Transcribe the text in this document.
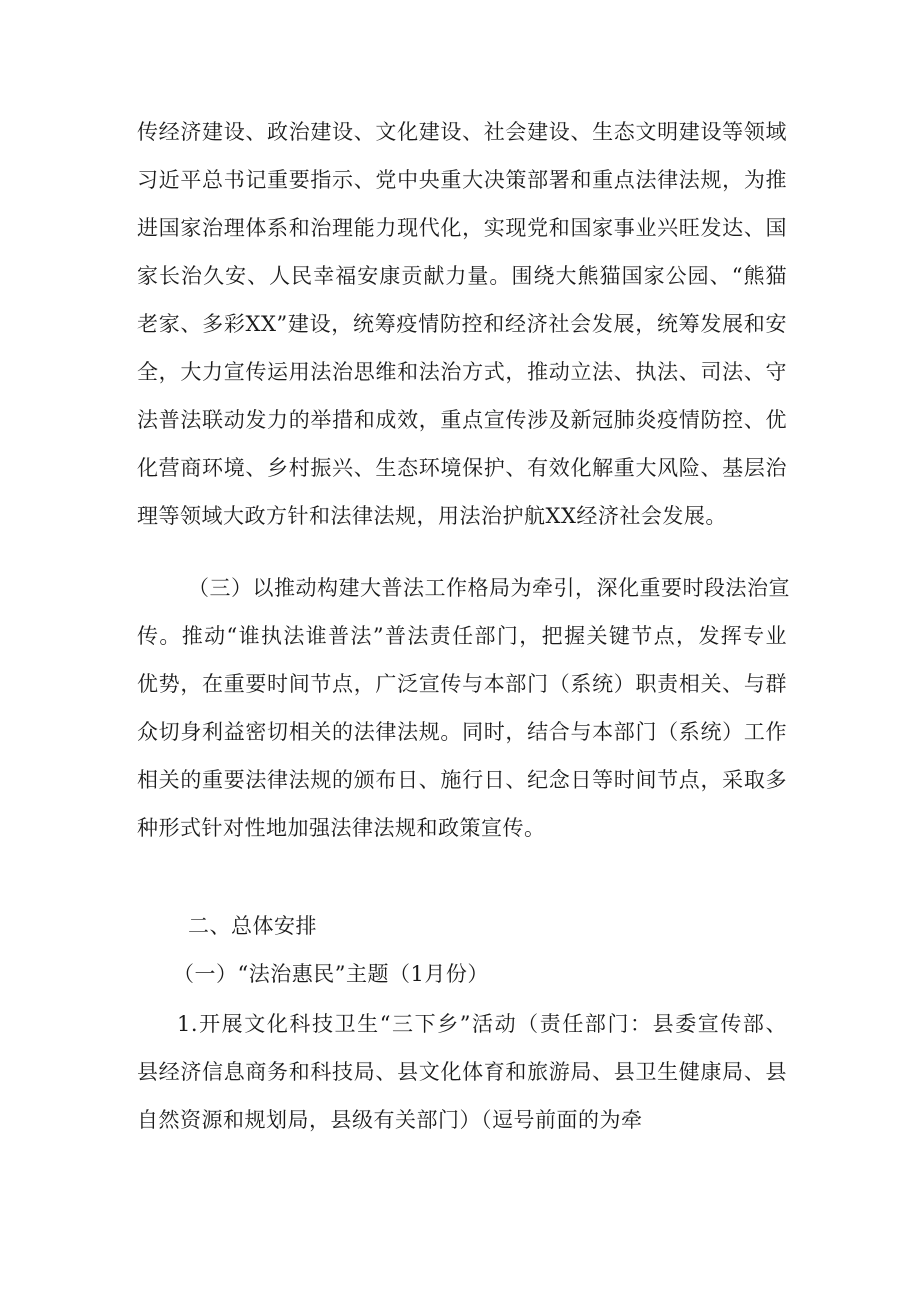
传经济建设、政治建设、文化建设、社会建设、生态文明建设等领域
习近平总书记重要指示、党中央重大决策部署和重点法律法规，为推
进国家治理体系和治理能力现代化，实现党和国家事业兴旺发达、国
家长治久安、人民幸福安康贡献力量。围绕大熊猫国家公园、“熊猫
老家、多彩XX”建设，统筹疫情防控和经济社会发展，统筹发展和安
全，大力宣传运用法治思维和法治方式，推动立法、执法、司法、守
法普法联动发力的举措和成效，重点宣传涉及新冠肺炎疫情防控、优
化营商环境、乡村振兴、生态环境保护、有效化解重大风险、基层治
理等领域大政方针和法律法规，用法治护航XX经济社会发展。
（三）以推动构建大普法工作格局为牵引，深化重要时段法治宣
传。推动“谁执法谁普法”普法责任部门，把握关键节点，发挥专业
优势，在重要时间节点，广泛宣传与本部门（系统）职责相关、与群
众切身利益密切相关的法律法规。同时，结合与本部门（系统）工作
相关的重要法律法规的颁布日、施行日、纪念日等时间节点，采取多
种形式针对性地加强法律法规和政策宣传。
二、总体安排
（一）“法治惠民”主题（1月份）
1.开展文化科技卫生“三下乡”活动（责任部门：县委宣传部、
县经济信息商务和科技局、县文化体育和旅游局、县卫生健康局、县
自然资源和规划局，县级有关部门）（逗号前面的为牵
